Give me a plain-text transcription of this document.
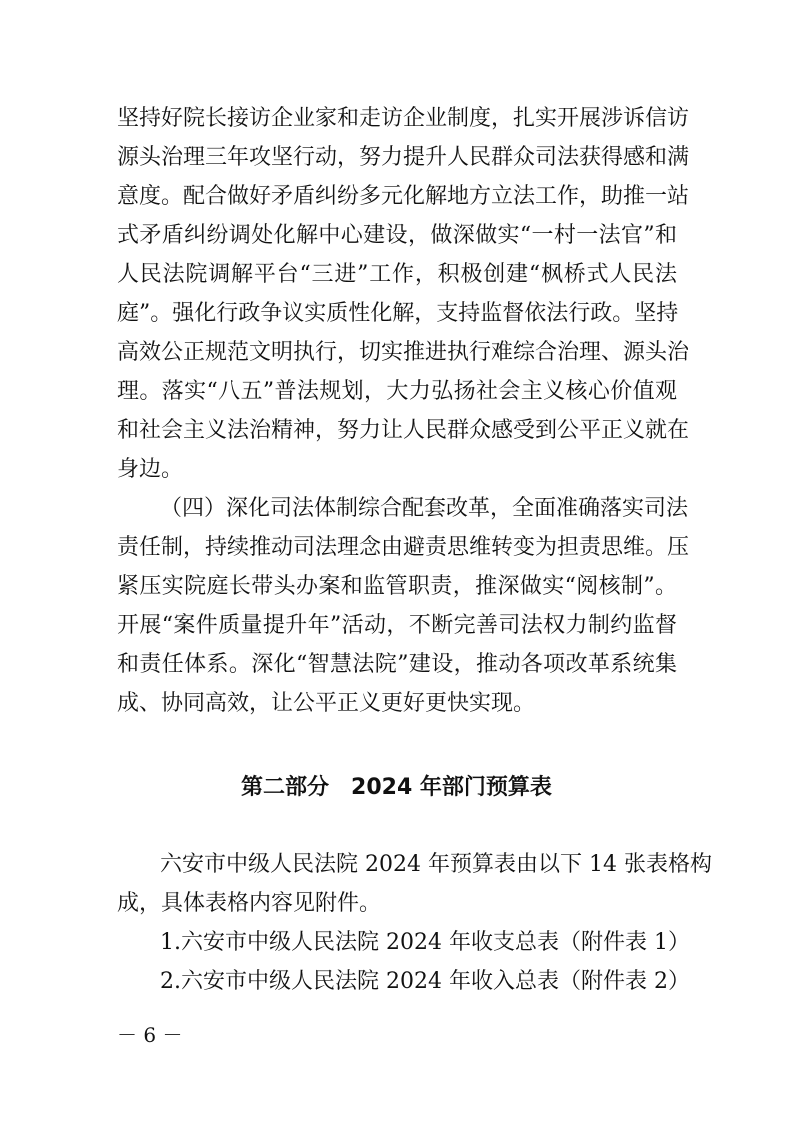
坚持好院长接访企业家和走访企业制度，扎实开展涉诉信访
源头治理三年攻坚行动，努力提升人民群众司法获得感和满
意度。配合做好矛盾纠纷多元化解地方立法工作，助推一站
式矛盾纠纷调处化解中心建设，做深做实“一村一法官”和
人民法院调解平台“三进”工作，积极创建“枫桥式人民法
庭”。强化行政争议实质性化解，支持监督依法行政。坚持
高效公正规范文明执行，切实推进执行难综合治理、源头治
理。落实“八五”普法规划，大力弘扬社会主义核心价值观
和社会主义法治精神，努力让人民群众感受到公平正义就在
身边。
（四）深化司法体制综合配套改革，全面准确落实司法
责任制，持续推动司法理念由避责思维转变为担责思维。压
紧压实院庭长带头办案和监管职责，推深做实“阅核制”。
开展“案件质量提升年”活动，不断完善司法权力制约监督
和责任体系。深化“智慧法院”建设，推动各项改革系统集
成、协同高效，让公平正义更好更快实现。
第二部分　2024 年部门预算表
六安市中级人民法院 2024 年预算表由以下 14 张表格构
成，具体表格内容见附件。
1.六安市中级人民法院 2024 年收支总表（附件表 1）
2.六安市中级人民法院 2024 年收入总表（附件表 2）
－ 6 －
